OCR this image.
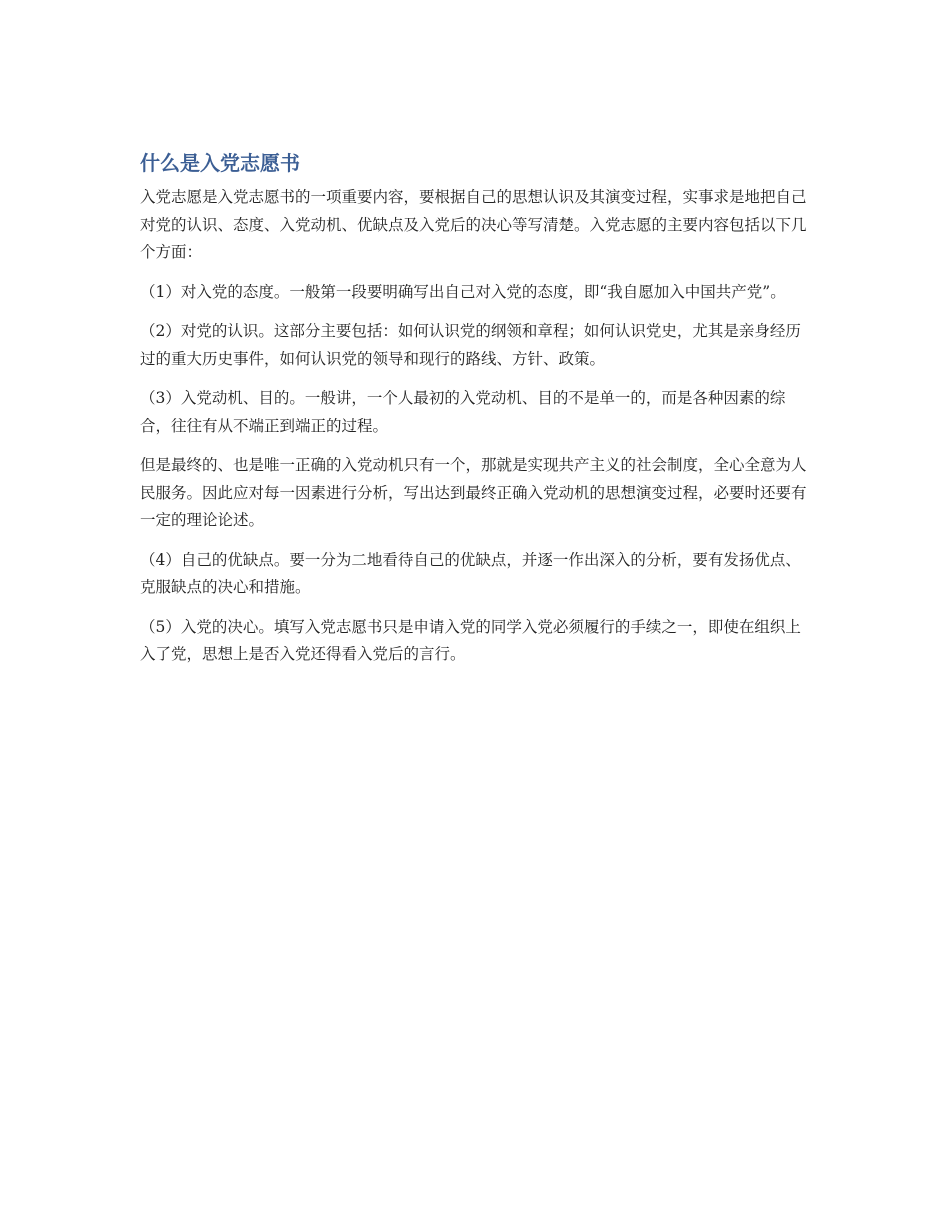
什么是入党志愿书

入党志愿是入党志愿书的一项重要内容，要根据自己的思想认识及其演变过程，实事求是地把自己对党的认识、态度、入党动机、优缺点及入党后的决心等写清楚。入党志愿的主要内容包括以下几个方面：

（1）对入党的态度。一般第一段要明确写出自己对入党的态度，即“我自愿加入中国共产党”。

（2）对党的认识。这部分主要包括：如何认识党的纲领和章程；如何认识党史，尤其是亲身经历过的重大历史事件，如何认识党的领导和现行的路线、方针、政策。

（3）入党动机、目的。一般讲，一个人最初的入党动机、目的不是单一的，而是各种因素的综合，往往有从不端正到端正的过程。

但是最终的、也是唯一正确的入党动机只有一个，那就是实现共产主义的社会制度，全心全意为人民服务。因此应对每一因素进行分析，写出达到最终正确入党动机的思想演变过程，必要时还要有一定的理论论述。

（4）自己的优缺点。要一分为二地看待自己的优缺点，并逐一作出深入的分析，要有发扬优点、克服缺点的决心和措施。

（5）入党的决心。填写入党志愿书只是申请入党的同学入党必须履行的手续之一，即使在组织上入了党，思想上是否入党还得看入党后的言行。
